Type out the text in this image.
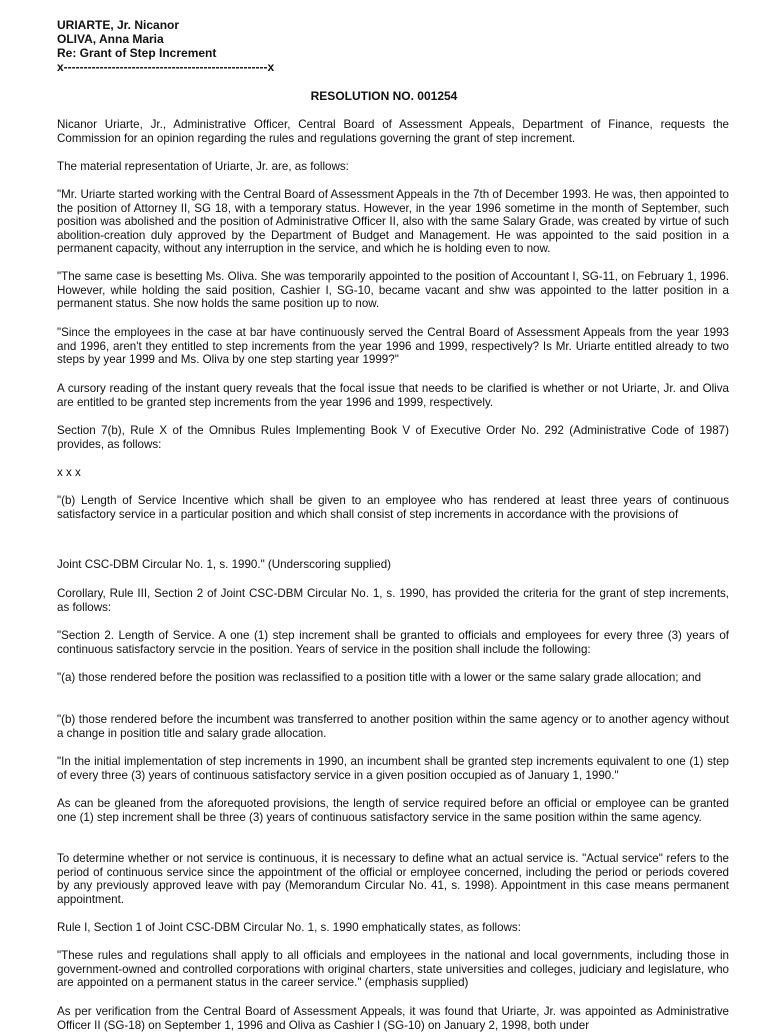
URIARTE, Jr. Nicanor
OLIVA, Anna Maria
Re: Grant of Step Increment
x---------------------------------------------------x
RESOLUTION NO. 001254

Nicanor Uriarte, Jr., Administrative Officer, Central Board of Assessment Appeals, Department of Finance, requests the Commission for an opinion regarding the rules and regulations governing the grant of step increment.

The material representation of Uriarte, Jr. are, as follows:

"Mr. Uriarte started working with the Central Board of Assessment Appeals in the 7th of December 1993. He was, then appointed to the position of Attorney II, SG 18, with a temporary status. However, in the year 1996 sometime in the month of September, such position was abolished and the position of Administrative Officer II, also with the same Salary Grade, was created by virtue of such abolition-creation duly approved by the Department of Budget and Management. He was appointed to the said position in a permanent capacity, without any interruption in the service, and which he is holding even to now.

"The same case is besetting Ms. Oliva. She was temporarily appointed to the position of Accountant I, SG-11, on February 1, 1996. However, while holding the said position, Cashier I, SG-10, became vacant and shw was appointed to the latter position in a permanent status. She now holds the same position up to now.

"Since the employees in the case at bar have continuously served the Central Board of Assessment Appeals from the year 1993 and 1996, aren't they entitled to step increments from the year 1996 and 1999, respectively? Is Mr. Uriarte entitled already to two steps by year 1999 and Ms. Oliva by one step starting year 1999?"

A cursory reading of the instant query reveals that the focal issue that needs to be clarified is whether or not Uriarte, Jr. and Oliva are entitled to be granted step increments from the year 1996 and 1999, respectively.

Section 7(b), Rule X of the Omnibus Rules Implementing Book V of Executive Order No. 292 (Administrative Code of 1987) provides, as follows:

x x x

"(b) Length of Service Incentive which shall be given to an employee who has rendered at least three years of continuous satisfactory service in a particular position and which shall consist of step increments in accordance with the provisions of

Joint CSC-DBM Circular No. 1, s. 1990." (Underscoring supplied)

Corollary, Rule III, Section 2 of Joint CSC-DBM Circular No. 1, s. 1990, has provided the criteria for the grant of step increments, as follows:

"Section 2. Length of Service. A one (1) step increment shall be granted to officials and employees for every three (3) years of continuous satisfactory servcie in the position. Years of service in the position shall include the following:

"(a) those rendered before the position was reclassified to a position title with a lower or the same salary grade allocation; and

"(b) those rendered before the incumbent was transferred to another position within the same agency or to another agency without a change in position title and salary grade allocation.

"In the initial implementation of step increments in 1990, an incumbent shall be granted step increments equivalent to one (1) step of every three (3) years of continuous satisfactory service in a given position occupied as of January 1, 1990."

As can be gleaned from the aforequoted provisions, the length of service required before an official or employee can be granted one (1) step increment shall be three (3) years of continuous satisfactory service in the same position within the same agency.

To determine whether or not service is continuous, it is necessary to define what an actual service is. "Actual service" refers to the period of continuous service since the appointment of the official or employee concerned, including the period or periods covered by any previously approved leave with pay (Memorandum Circular No. 41, s. 1998). Appointment in this case means permanent appointment.

Rule I, Section 1 of Joint CSC-DBM Circular No. 1, s. 1990 emphatically states, as follows:

"These rules and regulations shall apply to all officials and employees in the national and local governments, including those in government-owned and controlled corporations with original charters, state universities and colleges, judiciary and legislature, who are appointed on a permanent status in the career service." (emphasis supplied)

As per verification from the Central Board of Assessment Appeals, it was found that Uriarte, Jr. was appointed as Administrative Officer II (SG-18) on September 1, 1996 and Oliva as Cashier I (SG-10) on January 2, 1998, both under
